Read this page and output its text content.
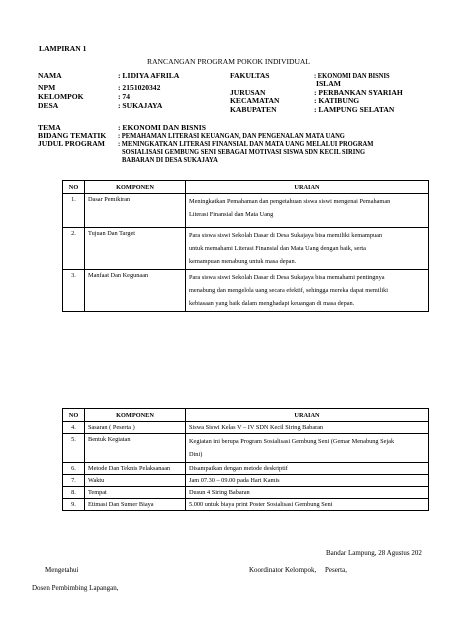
LAMPIRAN 1
RANCANGAN PROGRAM POKOK INDIVIDUAL
NAMA	: LIDIYA AFRILA
NPM	: 2151020342
KELOMPOK	: 74
DESA	: SUKAJAYA
FAKULTAS	: EKONOMI DAN BISNIS
ISLAM
JURUSAN	: PERBANKAN SYARIAH
KECAMATAN	: KATIBUNG
KABUPATEN	: LAMPUNG SELATAN
TEMA	: EKONOMI DAN BISNIS
BIDANG TEMATIK : PEMAHAMAN LITERASI KEUANGAN, DAN PENGENALAN MATA UANG
JUDUL PROGRAM : MENINGKATKAN LITERASI FINANSIAL DAN MATA UANG MELALUI PROGRAM
SOSIALISASI GEMBUNG SENI SEBAGAI MOTIVASI SISWA SDN KECIL SIRING
BABARAN DI DESA SUKAJAYA
NO	KOMPONEN	URAIAN
1.	Dasar Pemikiran	Meningkatkan Pemahaman dan pengetahuan siswa siswi mengenai Pemahaman
Literasi Finansial dan Mata Uang

2.	Tujuan Dan Target	Para siswa siswi Sekolah Dasar di Desa Sukajaya bisa memiliki kemampuan
untuk memahami Literasi Finansial dan Mata Uang dengan baik, serta
kemampuan menabung untuk masa depan.

3.	Manfaat Dan Kegunaan	Para siswa siswi Sekolah Dasar di Desa Sukajaya bisa memahami pentingnya
menabung dan mengelola uang secara efektif, sehingga mereka dapat memiliki
kebiasaan yang baik dalam menghadapi keuangan di masa depan.
NO	KOMPONEN	URAIAN
4.	Sasaran ( Peserta )	Siswa Siswi Kelas V – IV SDN Kecil Siring Babaran

5.	Bentuk Kegiatan	Kegiatan ini berupa Program Sosialisasi Gembung Seni (Gemar Menabung Sejak
Dini)

6.	Metode Dan Teknis Pelaksanaan	Disampaikan dengan metode deskriptif

7.	Waktu	Jam 07.30 – 09.00 pada Hari Kamis

8.	Tempat	Dusun 4 Siring Babaran

9.	Etimasi Dan Sumer Biaya	5.000 untuk biaya print Poster Sosialisasi Gembung Seni
Bandar Lampung, 28 Agustus 202
Mengetahui	Koordinator Kelompok,     Peserta,
Dosen Pembimbing Lapangan,
